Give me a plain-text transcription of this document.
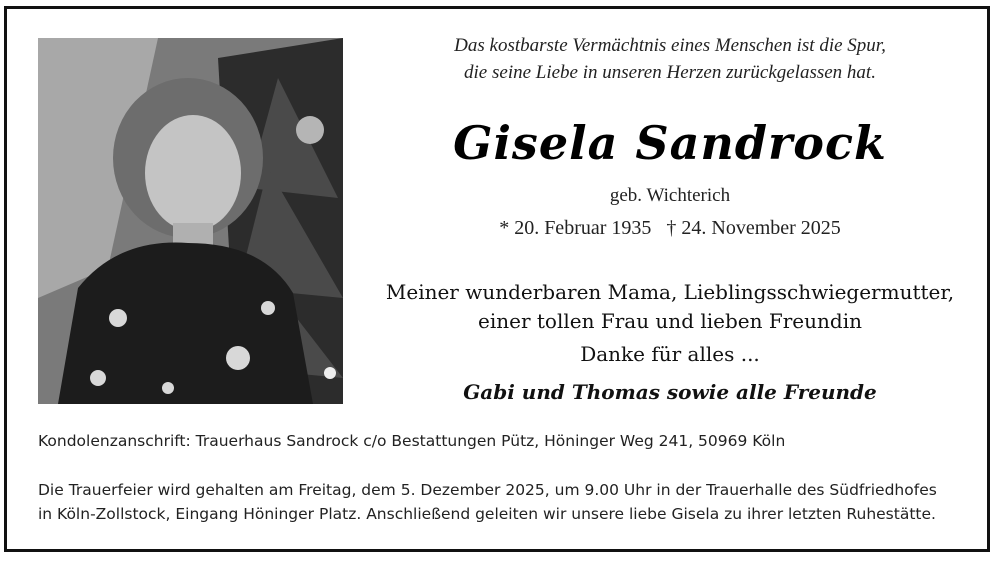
Das kostbarste Vermächtnis eines Menschen ist die Spur,
die seine Liebe in unseren Herzen zurückgelassen hat.
Gisela Sandrock
geb. Wichterich
* 20. Februar 1935 † 24. November 2025
Meiner wunderbaren Mama, Lieblingsschwiegermutter,
einer tollen Frau und lieben Freundin
Danke für alles ...
Gabi und Thomas sowie alle Freunde
Kondolenzanschrift: Trauerhaus Sandrock c/o Bestattungen Pütz, Höninger Weg 241, 50969 Köln
Die Trauerfeier wird gehalten am Freitag, dem 5. Dezember 2025, um 9.00 Uhr in der Trauerhalle des Südfriedhofes
in Köln-Zollstock, Eingang Höninger Platz. Anschließend geleiten wir unsere liebe Gisela zu ihrer letzten Ruhestätte.
